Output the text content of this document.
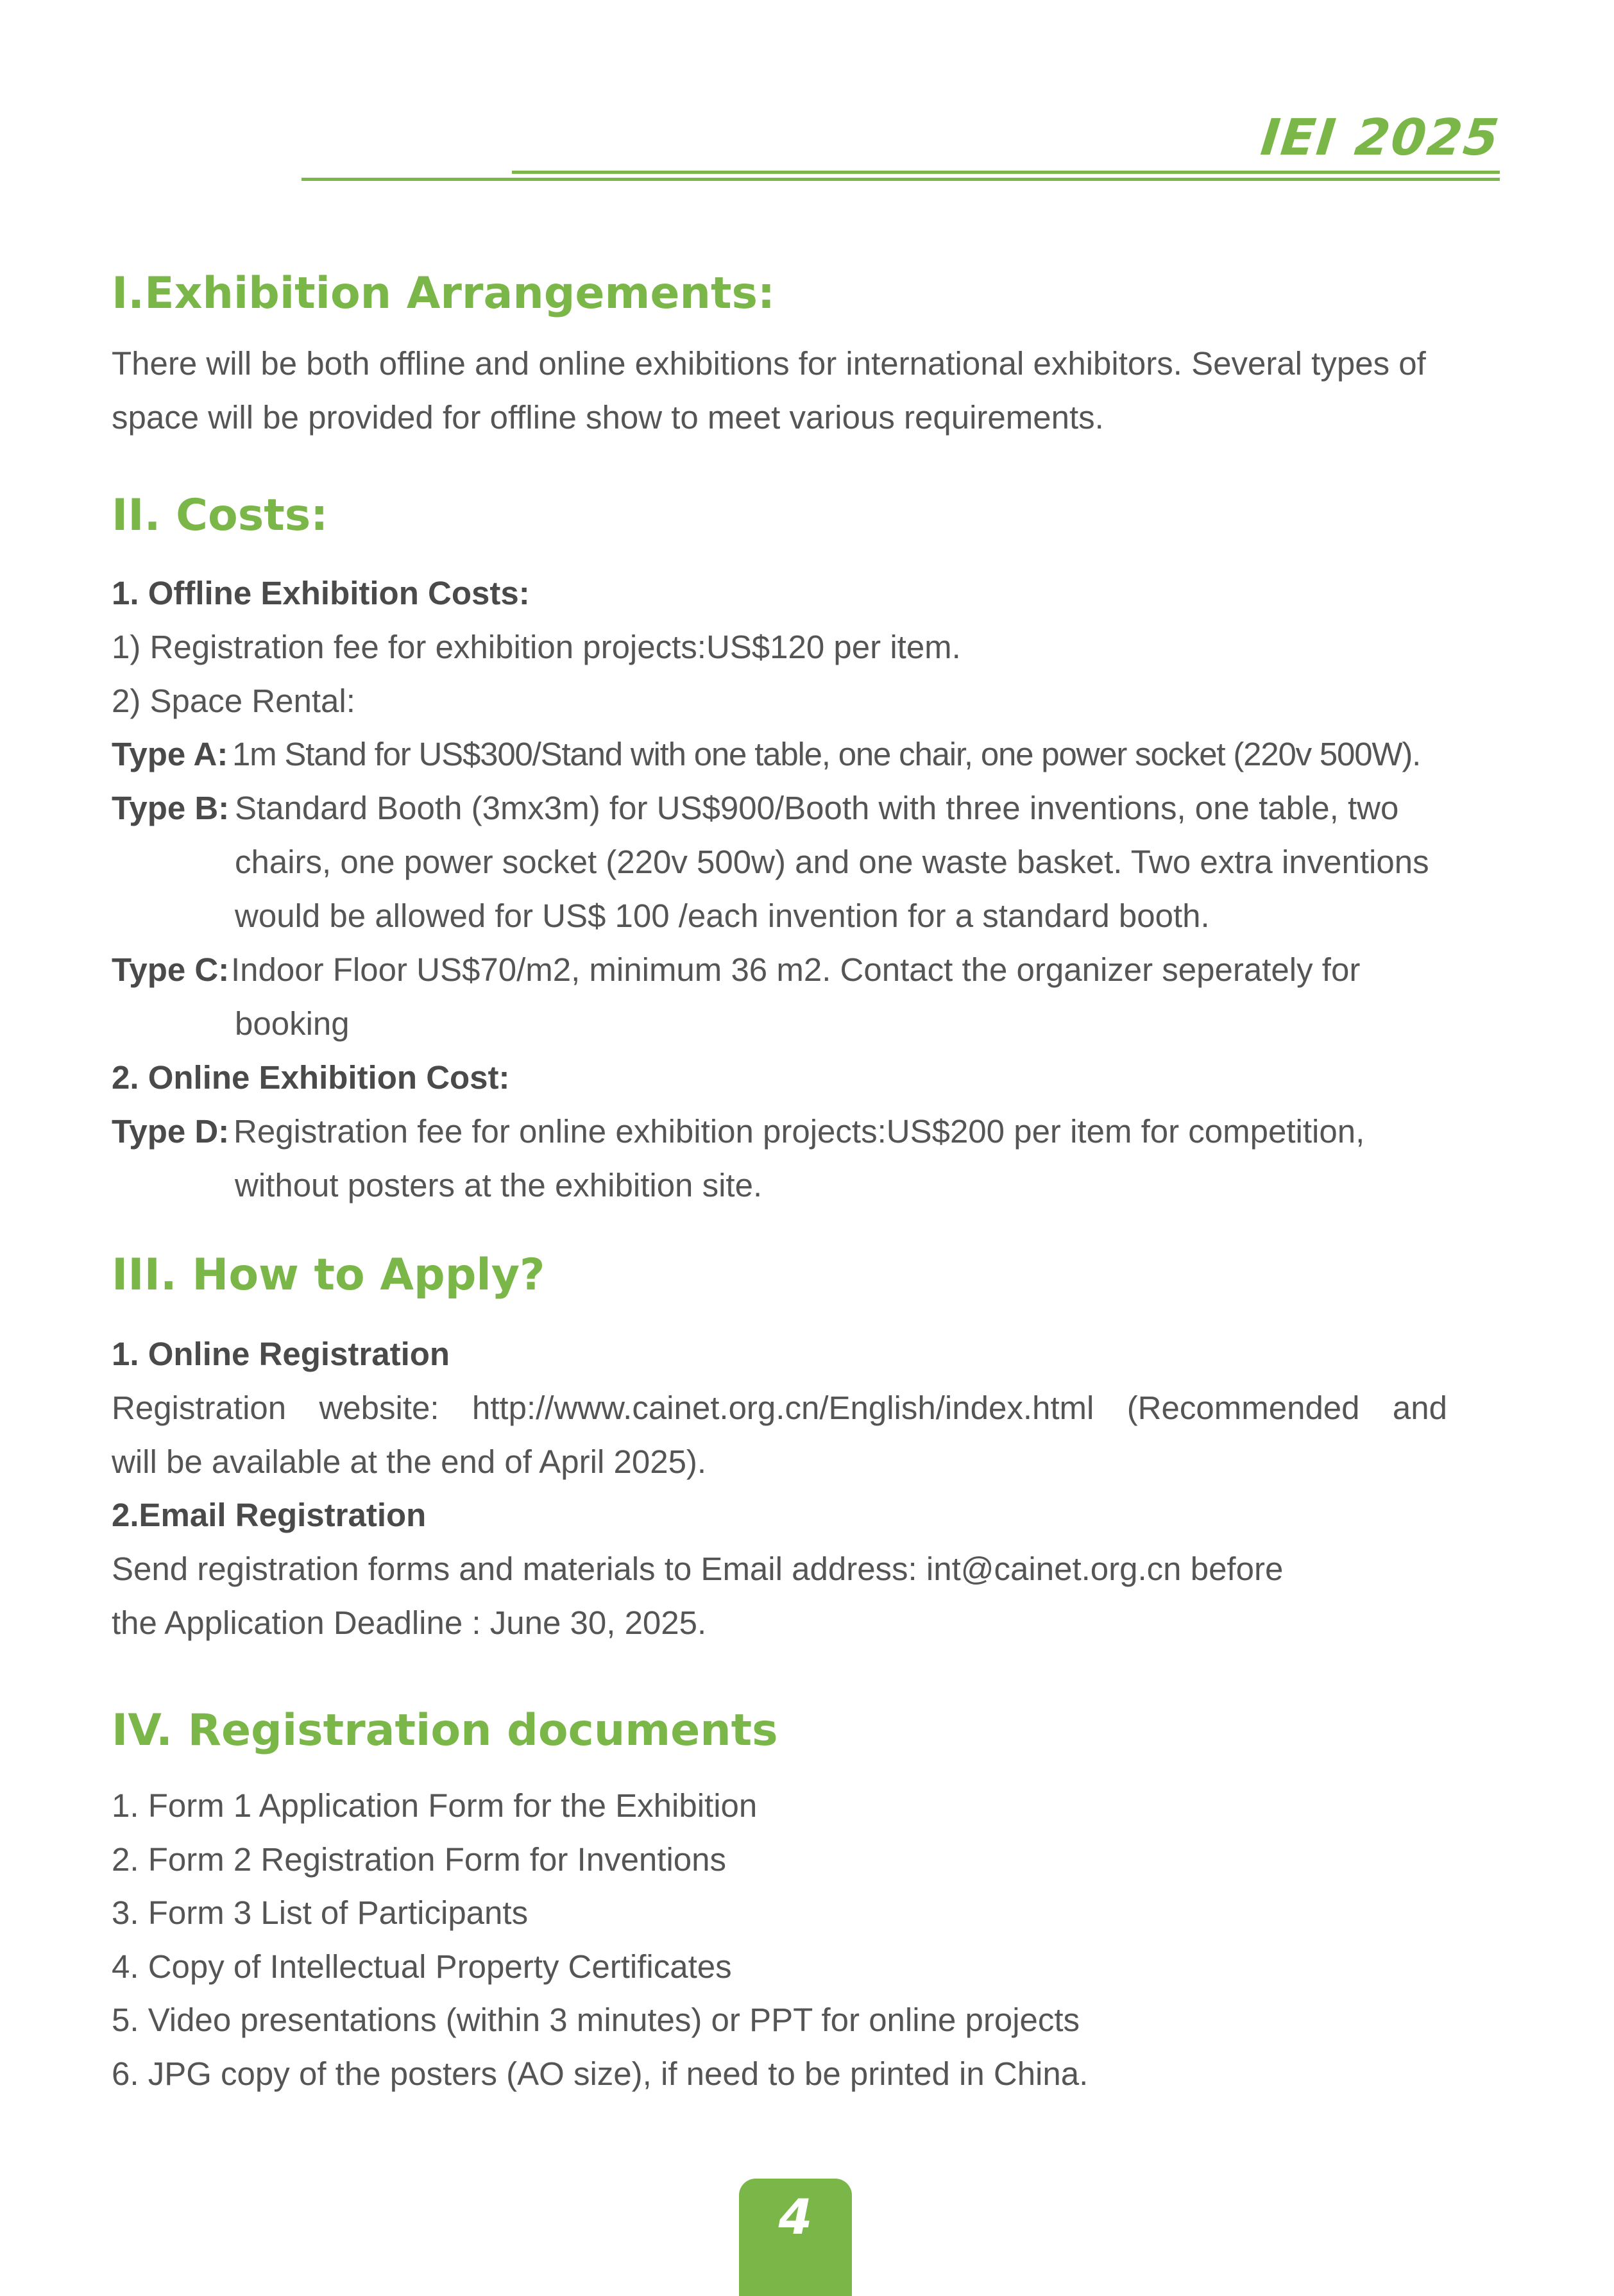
IEI 2025
I.Exhibition Arrangements:
There will be both offline and online exhibitions for international exhibitors. Several types of
space will be provided for offline show to meet various requirements.
II. Costs:
1. Offline Exhibition Costs:
1) Registration fee for exhibition projects:US$120 per item.
2) Space Rental:
Type A: 1m Stand for US$300/Stand with one table, one chair, one power socket (220v 500W).
Type B: Standard Booth (3mx3m) for US$900/Booth with three inventions, one table, two
chairs, one power socket (220v 500w) and one waste basket. Two extra inventions
would be allowed for US$ 100 /each invention for a standard booth.
Type C: Indoor Floor US$70/m2, minimum 36 m2. Contact the organizer seperately for
booking
2. Online Exhibition Cost:
Type D: Registration fee for online exhibition projects:US$200 per item for competition,
without posters at the exhibition site.
III. How to Apply?
1. Online Registration
Registration website: http://www.cainet.org.cn/English/index.html (Recommended and
will be available at the end of April 2025).
2.Email Registration
Send registration forms and materials to Email address: int@cainet.org.cn before
the Application Deadline : June 30, 2025.
IV. Registration documents
1. Form 1 Application Form for the Exhibition
2. Form 2 Registration Form for Inventions
3. Form 3 List of Participants
4. Copy of Intellectual Property Certificates
5. Video presentations (within 3 minutes) or PPT for online projects
6. JPG copy of the posters (AO size), if need to be printed in China.
4
